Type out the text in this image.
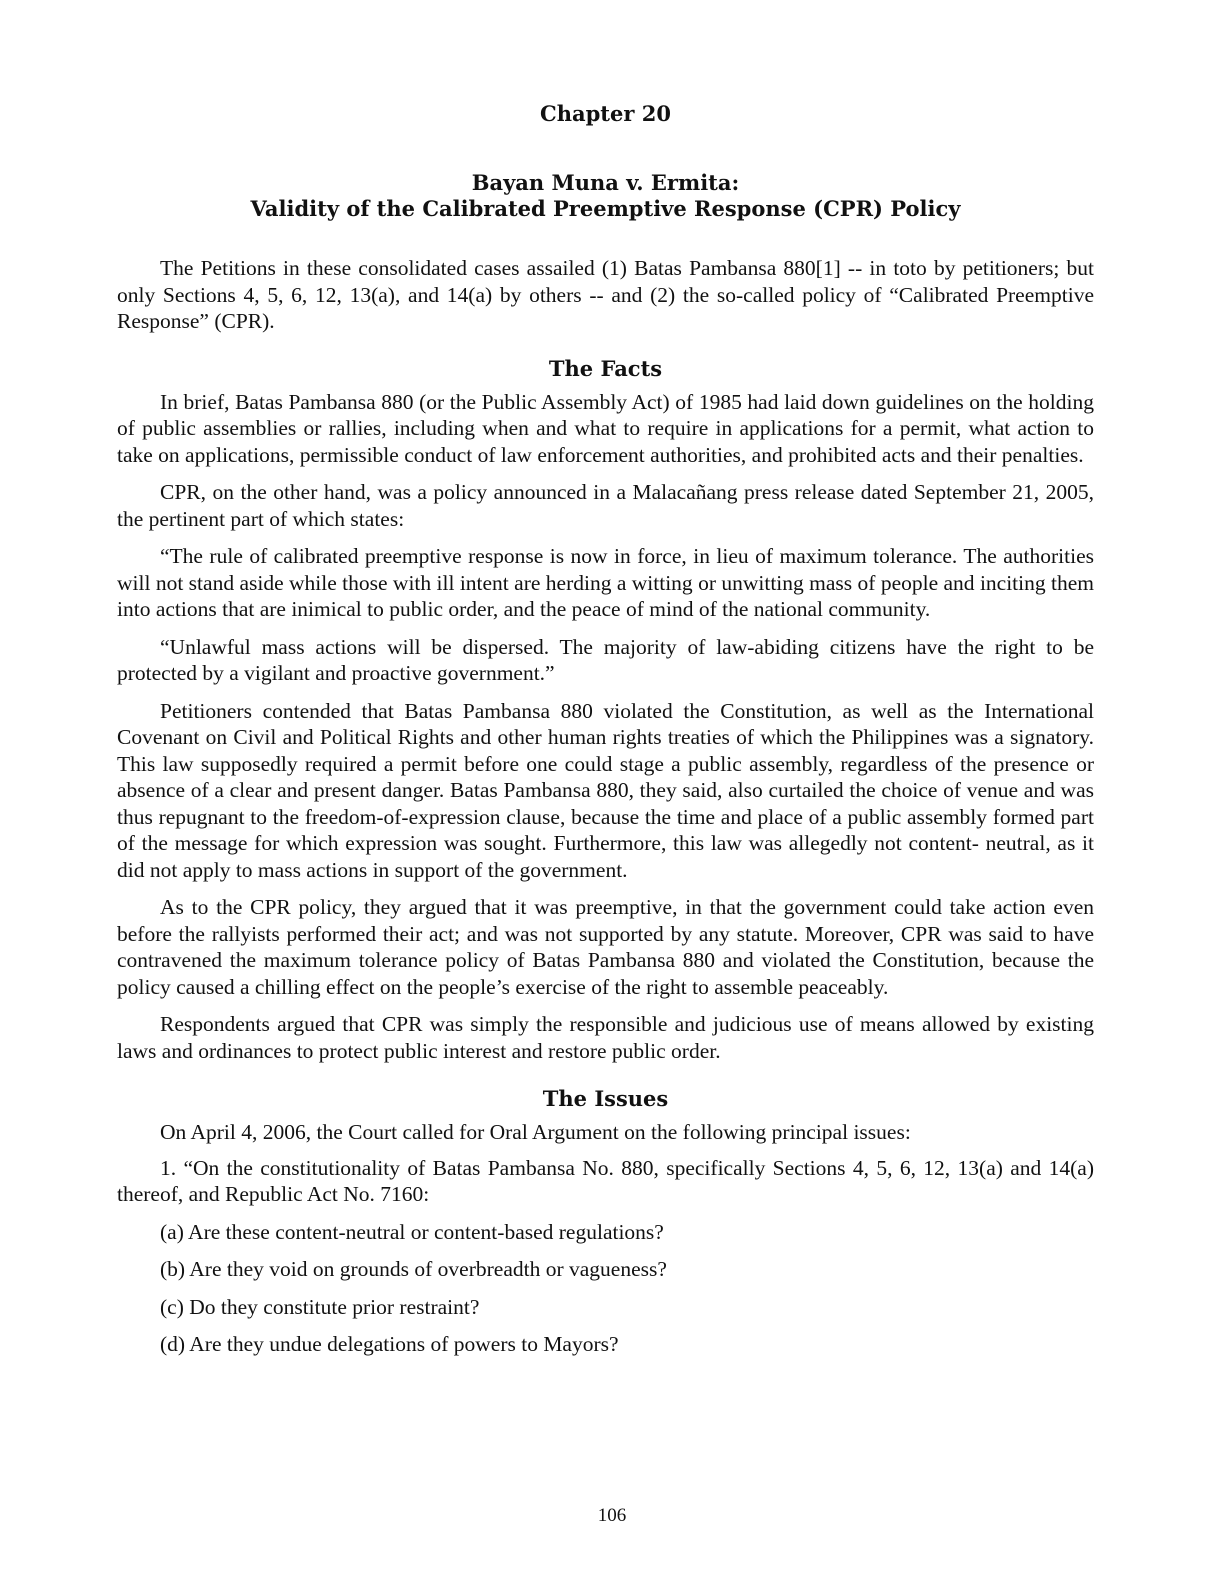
Chapter 20
Bayan Muna v. Ermita:
Validity of the Calibrated Preemptive Response (CPR) Policy

The Petitions in these consolidated cases assailed (1) Batas Pambansa 880[1] -- in toto by petitioners; but only Sections 4, 5, 6, 12, 13(a), and 14(a) by others -- and (2) the so-called policy of “Calibrated Preemptive Response” (CPR).

The Facts

In brief, Batas Pambansa 880 (or the Public Assembly Act) of 1985 had laid down guidelines on the holding of public assemblies or rallies, including when and what to require in applications for a permit, what action to take on applications, permissible conduct of law enforcement authorities, and prohibited acts and their penalties.

CPR, on the other hand, was a policy announced in a Malacañang press release dated September 21, 2005, the pertinent part of which states:

“The rule of calibrated preemptive response is now in force, in lieu of maximum tolerance. The authorities will not stand aside while those with ill intent are herding a witting or unwitting mass of people and inciting them into actions that are inimical to public order, and the peace of mind of the national community.

“Unlawful mass actions will be dispersed. The majority of law-abiding citizens have the right to be protected by a vigilant and proactive government.”

Petitioners contended that Batas Pambansa 880 violated the Constitution, as well as the International Covenant on Civil and Political Rights and other human rights treaties of which the Philippines was a signatory. This law supposedly required a permit before one could stage a public assembly, regardless of the presence or absence of a clear and present danger. Batas Pambansa 880, they said, also curtailed the choice of venue and was thus repugnant to the freedom-of-expression clause, because the time and place of a public assembly formed part of the message for which expression was sought. Furthermore, this law was allegedly not content- neutral, as it did not apply to mass actions in support of the government.

As to the CPR policy, they argued that it was preemptive, in that the government could take action even before the rallyists performed their act; and was not supported by any statute. Moreover, CPR was said to have contravened the maximum tolerance policy of Batas Pambansa 880 and violated the Constitution, because the policy caused a chilling effect on the people’s exercise of the right to assemble peaceably.

Respondents argued that CPR was simply the responsible and judicious use of means allowed by existing laws and ordinances to protect public interest and restore public order.

The Issues

On April 4, 2006, the Court called for Oral Argument on the following principal issues:

1. “On the constitutionality of Batas Pambansa No. 880, specifically Sections 4, 5, 6, 12, 13(a) and 14(a) thereof, and Republic Act No. 7160:

(a) Are these content-neutral or content-based regulations?

(b) Are they void on grounds of overbreadth or vagueness?

(c) Do they constitute prior restraint?

(d) Are they undue delegations of powers to Mayors?

106
